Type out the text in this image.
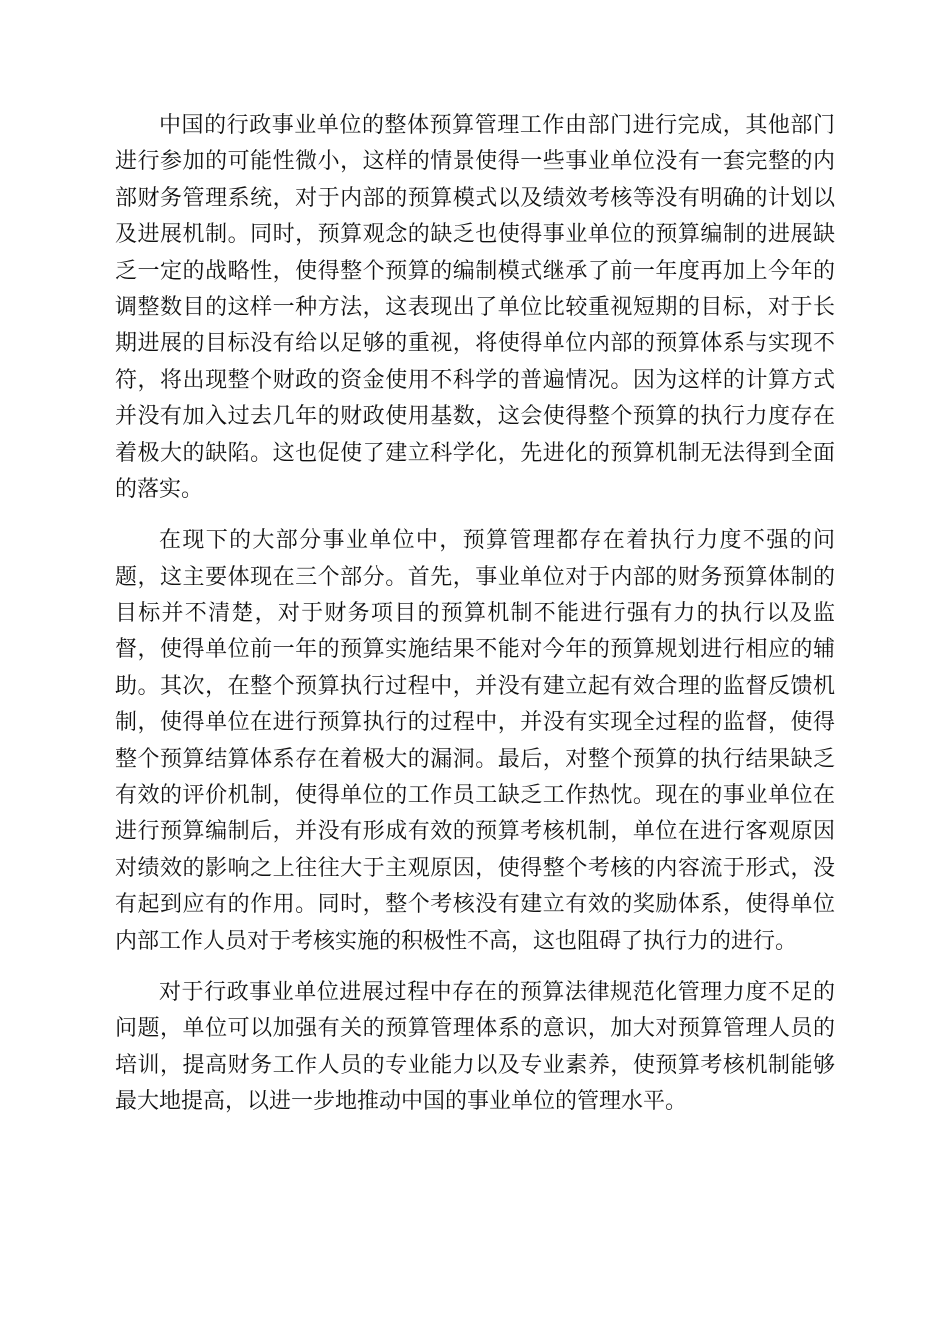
中国的行政事业单位的整体预算管理工作由部门进行完成，其他部门
进行参加的可能性微小，这样的情景使得一些事业单位没有一套完整的内
部财务管理系统，对于内部的预算模式以及绩效考核等没有明确的计划以
及进展机制。同时，预算观念的缺乏也使得事业单位的预算编制的进展缺
乏一定的战略性，使得整个预算的编制模式继承了前一年度再加上今年的
调整数目的这样一种方法，这表现出了单位比较重视短期的目标，对于长
期进展的目标没有给以足够的重视，将使得单位内部的预算体系与实现不
符，将出现整个财政的资金使用不科学的普遍情况。因为这样的计算方式
并没有加入过去几年的财政使用基数，这会使得整个预算的执行力度存在
着极大的缺陷。这也促使了建立科学化，先进化的预算机制无法得到全面
的落实。
在现下的大部分事业单位中，预算管理都存在着执行力度不强的问
题，这主要体现在三个部分。首先，事业单位对于内部的财务预算体制的
目标并不清楚，对于财务项目的预算机制不能进行强有力的执行以及监
督，使得单位前一年的预算实施结果不能对今年的预算规划进行相应的辅
助。其次，在整个预算执行过程中，并没有建立起有效合理的监督反馈机
制，使得单位在进行预算执行的过程中，并没有实现全过程的监督，使得
整个预算结算体系存在着极大的漏洞。最后，对整个预算的执行结果缺乏
有效的评价机制，使得单位的工作员工缺乏工作热忱。现在的事业单位在
进行预算编制后，并没有形成有效的预算考核机制，单位在进行客观原因
对绩效的影响之上往往大于主观原因，使得整个考核的内容流于形式，没
有起到应有的作用。同时，整个考核没有建立有效的奖励体系，使得单位
内部工作人员对于考核实施的积极性不高，这也阻碍了执行力的进行。
对于行政事业单位进展过程中存在的预算法律规范化管理力度不足的
问题，单位可以加强有关的预算管理体系的意识，加大对预算管理人员的
培训，提高财务工作人员的专业能力以及专业素养，使预算考核机制能够
最大地提高，以进一步地推动中国的事业单位的管理水平。
